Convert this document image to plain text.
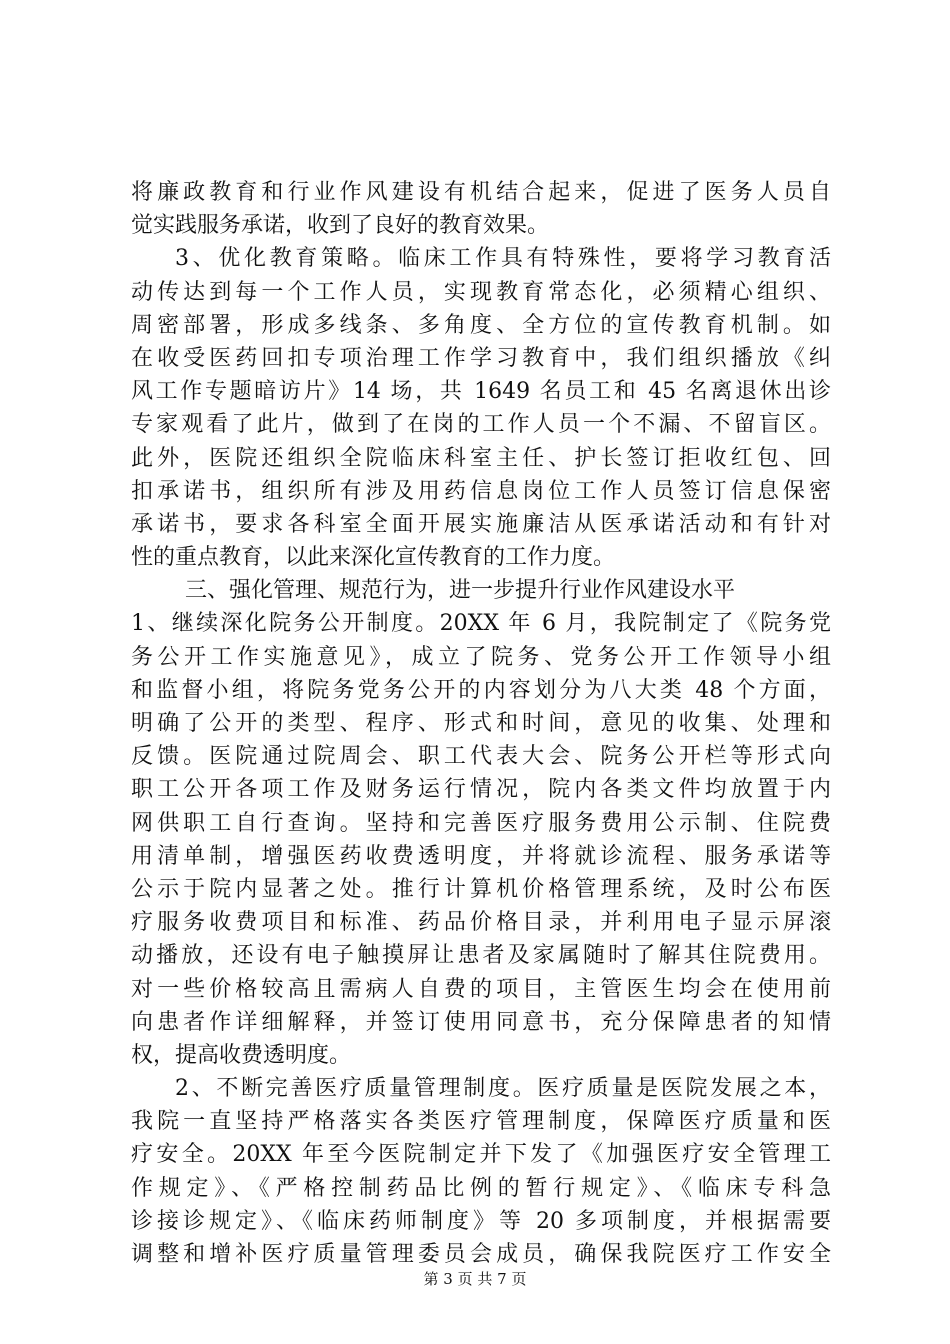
将廉政教育和行业作风建设有机结合起来，促进了医务人员自
觉实践服务承诺，收到了良好的教育效果。
3、优化教育策略。临床工作具有特殊性，要将学习教育活
动传达到每一个工作人员，实现教育常态化，必须精心组织、
周密部署，形成多线条、多角度、全方位的宣传教育机制。如
在收受医药回扣专项治理工作学习教育中，我们组织播放《纠
风工作专题暗访片》14 场，共 1649 名员工和 45 名离退休出诊
专家观看了此片，做到了在岗的工作人员一个不漏、不留盲区。
此外，医院还组织全院临床科室主任、护长签订拒收红包、回
扣承诺书，组织所有涉及用药信息岗位工作人员签订信息保密
承诺书，要求各科室全面开展实施廉洁从医承诺活动和有针对
性的重点教育，以此来深化宣传教育的工作力度。
三、强化管理、规范行为，进一步提升行业作风建设水平
1、继续深化院务公开制度。20XX 年 6 月，我院制定了《院务党
务公开工作实施意见》，成立了院务、党务公开工作领导小组
和监督小组，将院务党务公开的内容划分为八大类 48 个方面，
明确了公开的类型、程序、形式和时间，意见的收集、处理和
反馈。医院通过院周会、职工代表大会、院务公开栏等形式向
职工公开各项工作及财务运行情况，院内各类文件均放置于内
网供职工自行查询。坚持和完善医疗服务费用公示制、住院费
用清单制，增强医药收费透明度，并将就诊流程、服务承诺等
公示于院内显著之处。推行计算机价格管理系统，及时公布医
疗服务收费项目和标准、药品价格目录，并利用电子显示屏滚
动播放，还设有电子触摸屏让患者及家属随时了解其住院费用。
对一些价格较高且需病人自费的项目，主管医生均会在使用前
向患者作详细解释，并签订使用同意书，充分保障患者的知情
权，提高收费透明度。
2、不断完善医疗质量管理制度。医疗质量是医院发展之本，
我院一直坚持严格落实各类医疗管理制度，保障医疗质量和医
疗安全。20XX 年至今医院制定并下发了《加强医疗安全管理工
作规定》、《严格控制药品比例的暂行规定》、《临床专科急
诊接诊规定》、《临床药师制度》等 20 多项制度，并根据需要
调整和增补医疗质量管理委员会成员，确保我院医疗工作安全
第 3 页 共 7 页
